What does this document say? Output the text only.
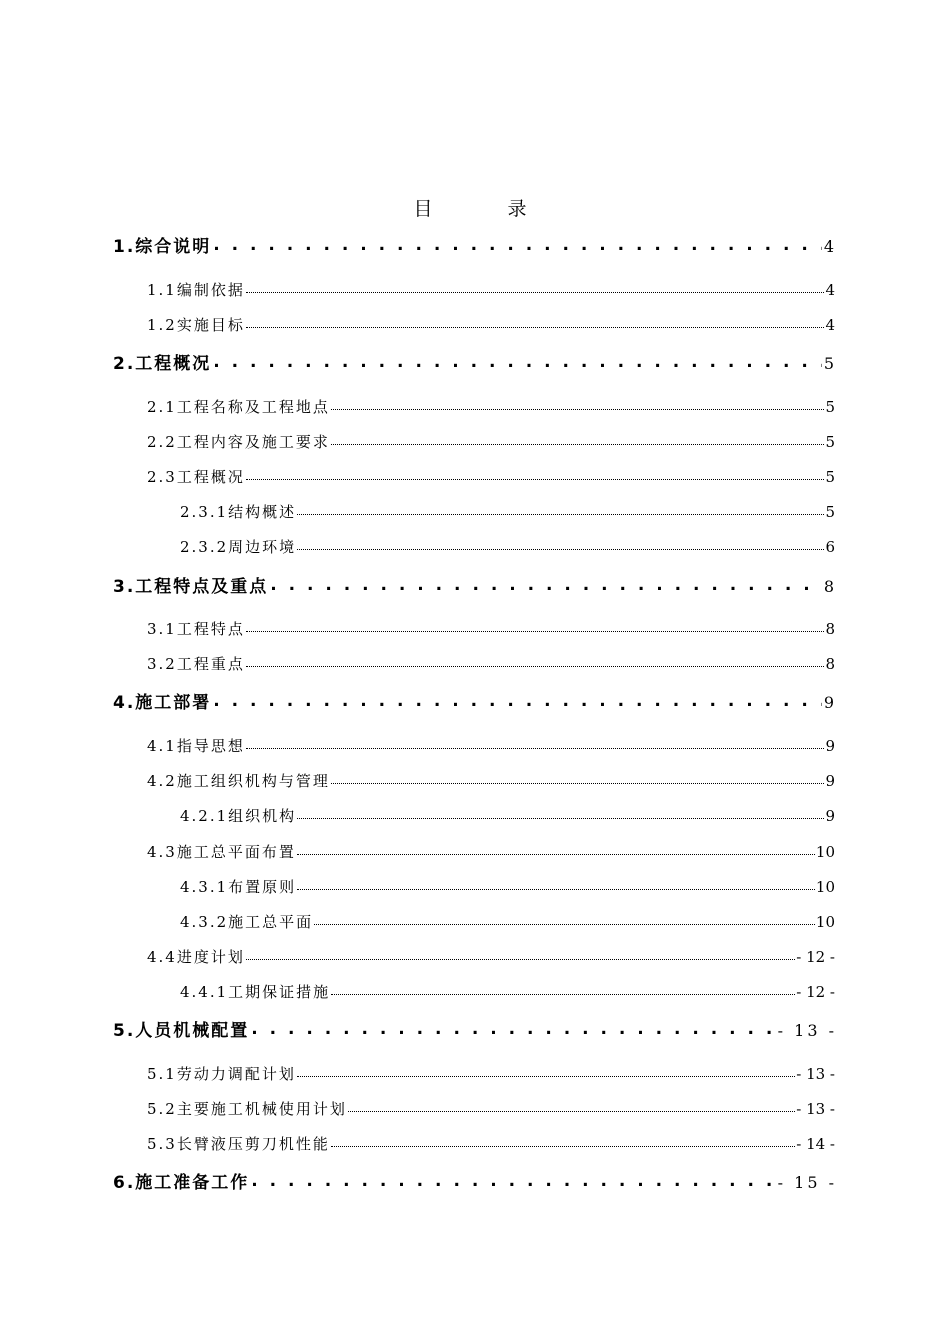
目　录
1.综合说明 . . .	4
1.1编制依据	4
1.2实施目标	4
2.工程概况 . . .	5
2.1工程名称及工程地点	5
2.2工程内容及施工要求	5
2.3工程概况	5
2.3.1结构概述	5
2.3.2周边环境	6
3.工程特点及重点 . . .	8
3.1工程特点	8
3.2工程重点	8
4.施工部署 . . .	9
4.1指导思想	9
4.2施工组织机构与管理	9
4.2.1组织机构	9
4.3施工总平面布置	10
4.3.1布置原则	10
4.3.2施工总平面	10
4.4进度计划	- 12 -
4.4.1工期保证措施	- 12 -
5.人员机械配置 . . .	- 13 -
5.1劳动力调配计划	- 13 -
5.2主要施工机械使用计划	- 13 -
5.3长臂液压剪刀机性能	- 14 -
6.施工准备工作 . . .	- 15 -
